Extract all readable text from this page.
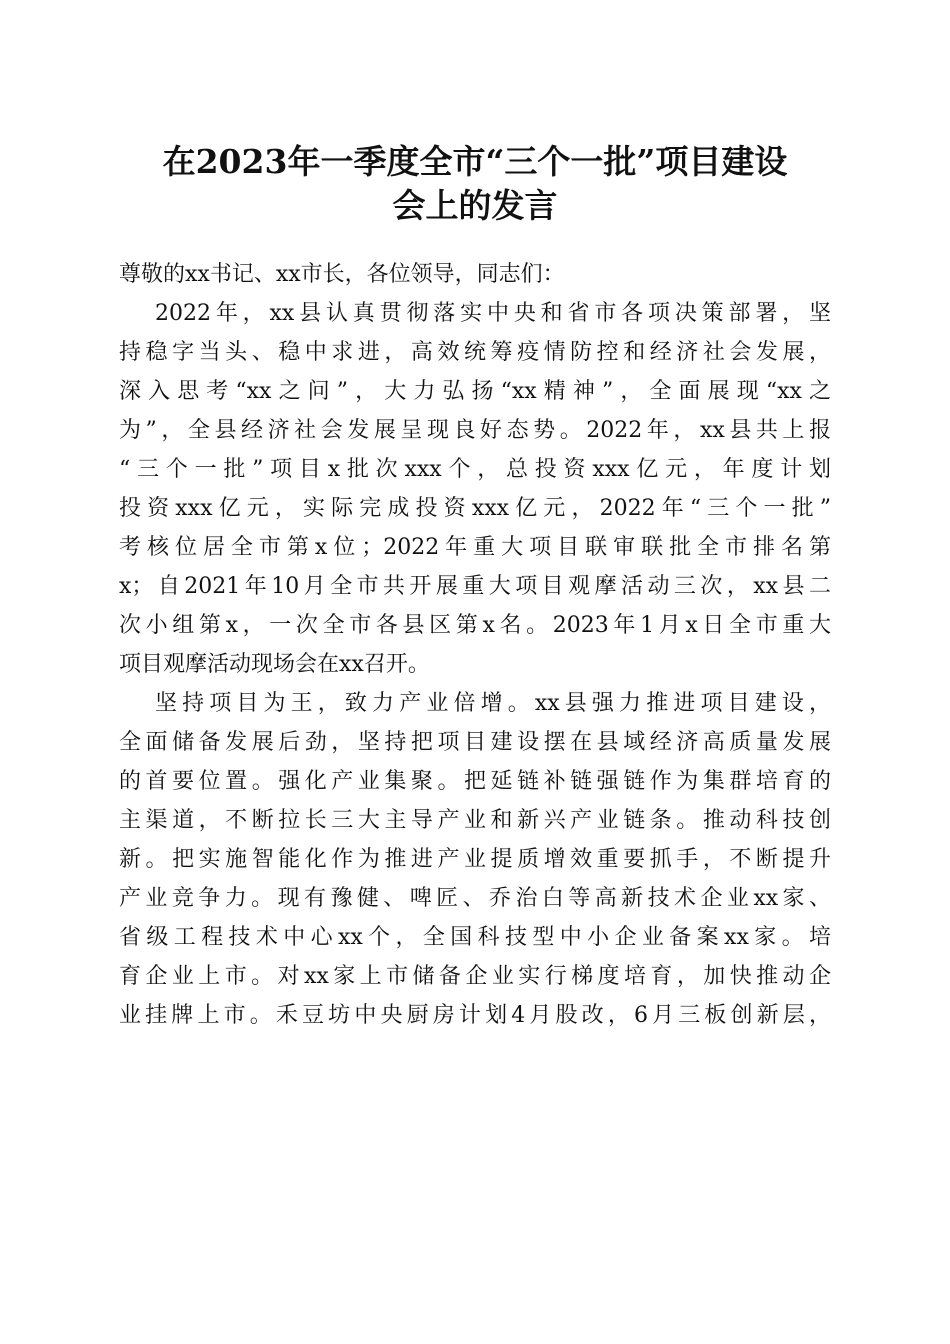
在2023年一季度全市“三个一批”项目建设
会上的发言
尊敬的xx书记、xx市长，各位领导，同志们：
2022年，xx县认真贯彻落实中央和省市各项决策部署，坚
持稳字当头、稳中求进，高效统筹疫情防控和经济社会发展，
深入思考“xx之问”，大力弘扬“xx精神”，全面展现“xx之
为”，全县经济社会发展呈现良好态势。2022年，xx县共上报
“三个一批”项目x批次xxx个，总投资xxx亿元，年度计划
投资xxx亿元，实际完成投资xxx亿元，2022年“三个一批”
考核位居全市第x位；2022年重大项目联审联批全市排名第
x；自2021年10月全市共开展重大项目观摩活动三次，xx县二
次小组第x，一次全市各县区第x名。2023年1月x日全市重大
项目观摩活动现场会在xx召开。
坚持项目为王，致力产业倍增。xx县强力推进项目建设，
全面储备发展后劲，坚持把项目建设摆在县域经济高质量发展
的首要位置。强化产业集聚。把延链补链强链作为集群培育的
主渠道，不断拉长三大主导产业和新兴产业链条。推动科技创
新。把实施智能化作为推进产业提质增效重要抓手，不断提升
产业竞争力。现有豫健、啤匠、乔治白等高新技术企业xx家、
省级工程技术中心xx个，全国科技型中小企业备案xx家。培
育企业上市。对xx家上市储备企业实行梯度培育，加快推动企
业挂牌上市。禾豆坊中央厨房计划4月股改，6月三板创新层，
